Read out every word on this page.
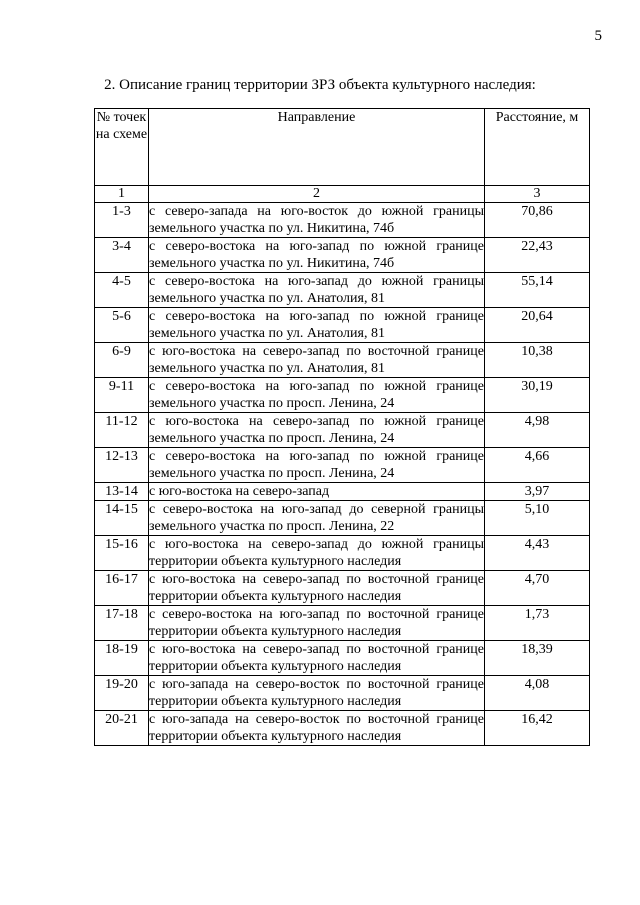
5
2. Описание границ территории ЗРЗ объекта культурного наследия:
№ точек на схеме	Направление	Расстояние, м
1	2	3
1-3	с северо-запада на юго-восток до южной границы земельного участка по ул. Никитина, 74б	70,86
3-4	с северо-востока на юго-запад по южной границе земельного участка по ул. Никитина, 74б	22,43
4-5	с северо-востока на юго-запад до южной границы земельного участка по ул. Анатолия, 81	55,14
5-6	с северо-востока на юго-запад по южной границе земельного участка по ул. Анатолия, 81	20,64
6-9	с юго-востока на северо-запад по восточной границе земельного участка по ул. Анатолия, 81	10,38
9-11	с северо-востока на юго-запад по южной границе земельного участка по просп. Ленина, 24	30,19
11-12	с юго-востока на северо-запад по южной границе земельного участка по просп. Ленина, 24	4,98
12-13	с северо-востока на юго-запад по южной границе земельного участка по просп. Ленина, 24	4,66
13-14	с юго-востока на северо-запад	3,97
14-15	с северо-востока на юго-запад до северной границы земельного участка по просп. Ленина, 22	5,10
15-16	с юго-востока на северо-запад до южной границы территории объекта культурного наследия	4,43
16-17	с юго-востока на северо-запад по восточной границе территории объекта культурного наследия	4,70
17-18	с северо-востока на юго-запад по восточной границе территории объекта культурного наследия	1,73
18-19	с юго-востока на северо-запад по восточной границе территории объекта культурного наследия	18,39
19-20	с юго-запада на северо-восток по восточной границе территории объекта культурного наследия	4,08
20-21	с юго-запада на северо-восток по восточной границе территории объекта культурного наследия	16,42
